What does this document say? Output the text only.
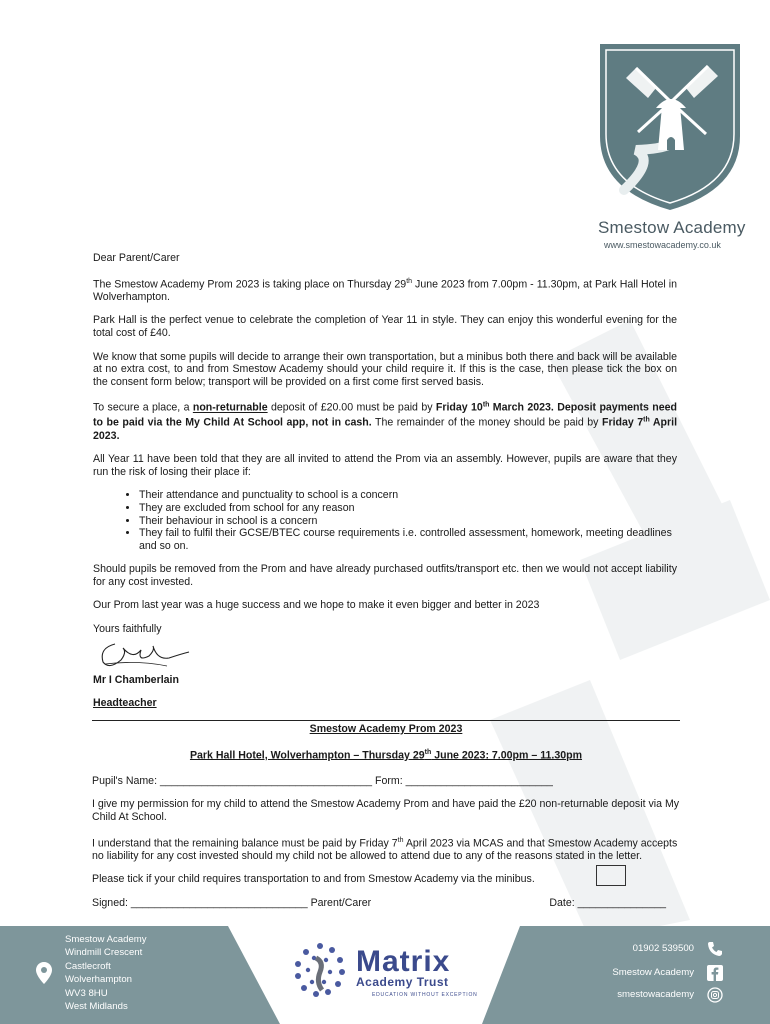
Smestow Academy
www.smestowacademy.co.uk

Dear Parent/Carer

The Smestow Academy Prom 2023 is taking place on Thursday 29th June 2023 from 7.00pm - 11.30pm, at Park Hall Hotel in Wolverhampton.

Park Hall is the perfect venue to celebrate the completion of Year 11 in style. They can enjoy this wonderful evening for the total cost of £40.

We know that some pupils will decide to arrange their own transportation, but a minibus both there and back will be available at no extra cost, to and from Smestow Academy should your child require it. If this is the case, then please tick the box on the consent form below; transport will be provided on a first come first served basis.

To secure a place, a non-returnable deposit of £20.00 must be paid by Friday 10th March 2023. Deposit payments need to be paid via the My Child At School app, not in cash. The remainder of the money should be paid by Friday 7th April 2023.

All Year 11 have been told that they are all invited to attend the Prom via an assembly. However, pupils are aware that they run the risk of losing their place if:

• Their attendance and punctuality to school is a concern
• They are excluded from school for any reason
• Their behaviour in school is a concern
• They fail to fulfil their GCSE/BTEC course requirements i.e. controlled assessment, homework, meeting deadlines and so on.

Should pupils be removed from the Prom and have already purchased outfits/transport etc. then we would not accept liability for any cost invested.

Our Prom last year was a huge success and we hope to make it even bigger and better in 2023

Yours faithfully

Mr I Chamberlain

Headteacher

Smestow Academy Prom 2023

Park Hall Hotel, Wolverhampton – Thursday 29th June 2023: 7.00pm – 11.30pm

Pupil's Name: ____________________________________ Form: _________________________

I give my permission for my child to attend the Smestow Academy Prom and have paid the £20 non-returnable deposit via My Child At School.

I understand that the remaining balance must be paid by Friday 7th April 2023 via MCAS and that Smestow Academy accepts no liability for any cost invested should my child not be allowed to attend due to any of the reasons stated in the letter.

Please tick if your child requires transportation to and from Smestow Academy via the minibus.

Signed: ______________________________ Parent/Carer	Date: _______________
Smestow Academy
Windmill Crescent
Castlecroft
Wolverhampton
WV3 8HU
West Midlands
Matrix
Academy Trust
EDUCATION WITHOUT EXCEPTION
01902 539500
Smestow Academy
smestowacademy
